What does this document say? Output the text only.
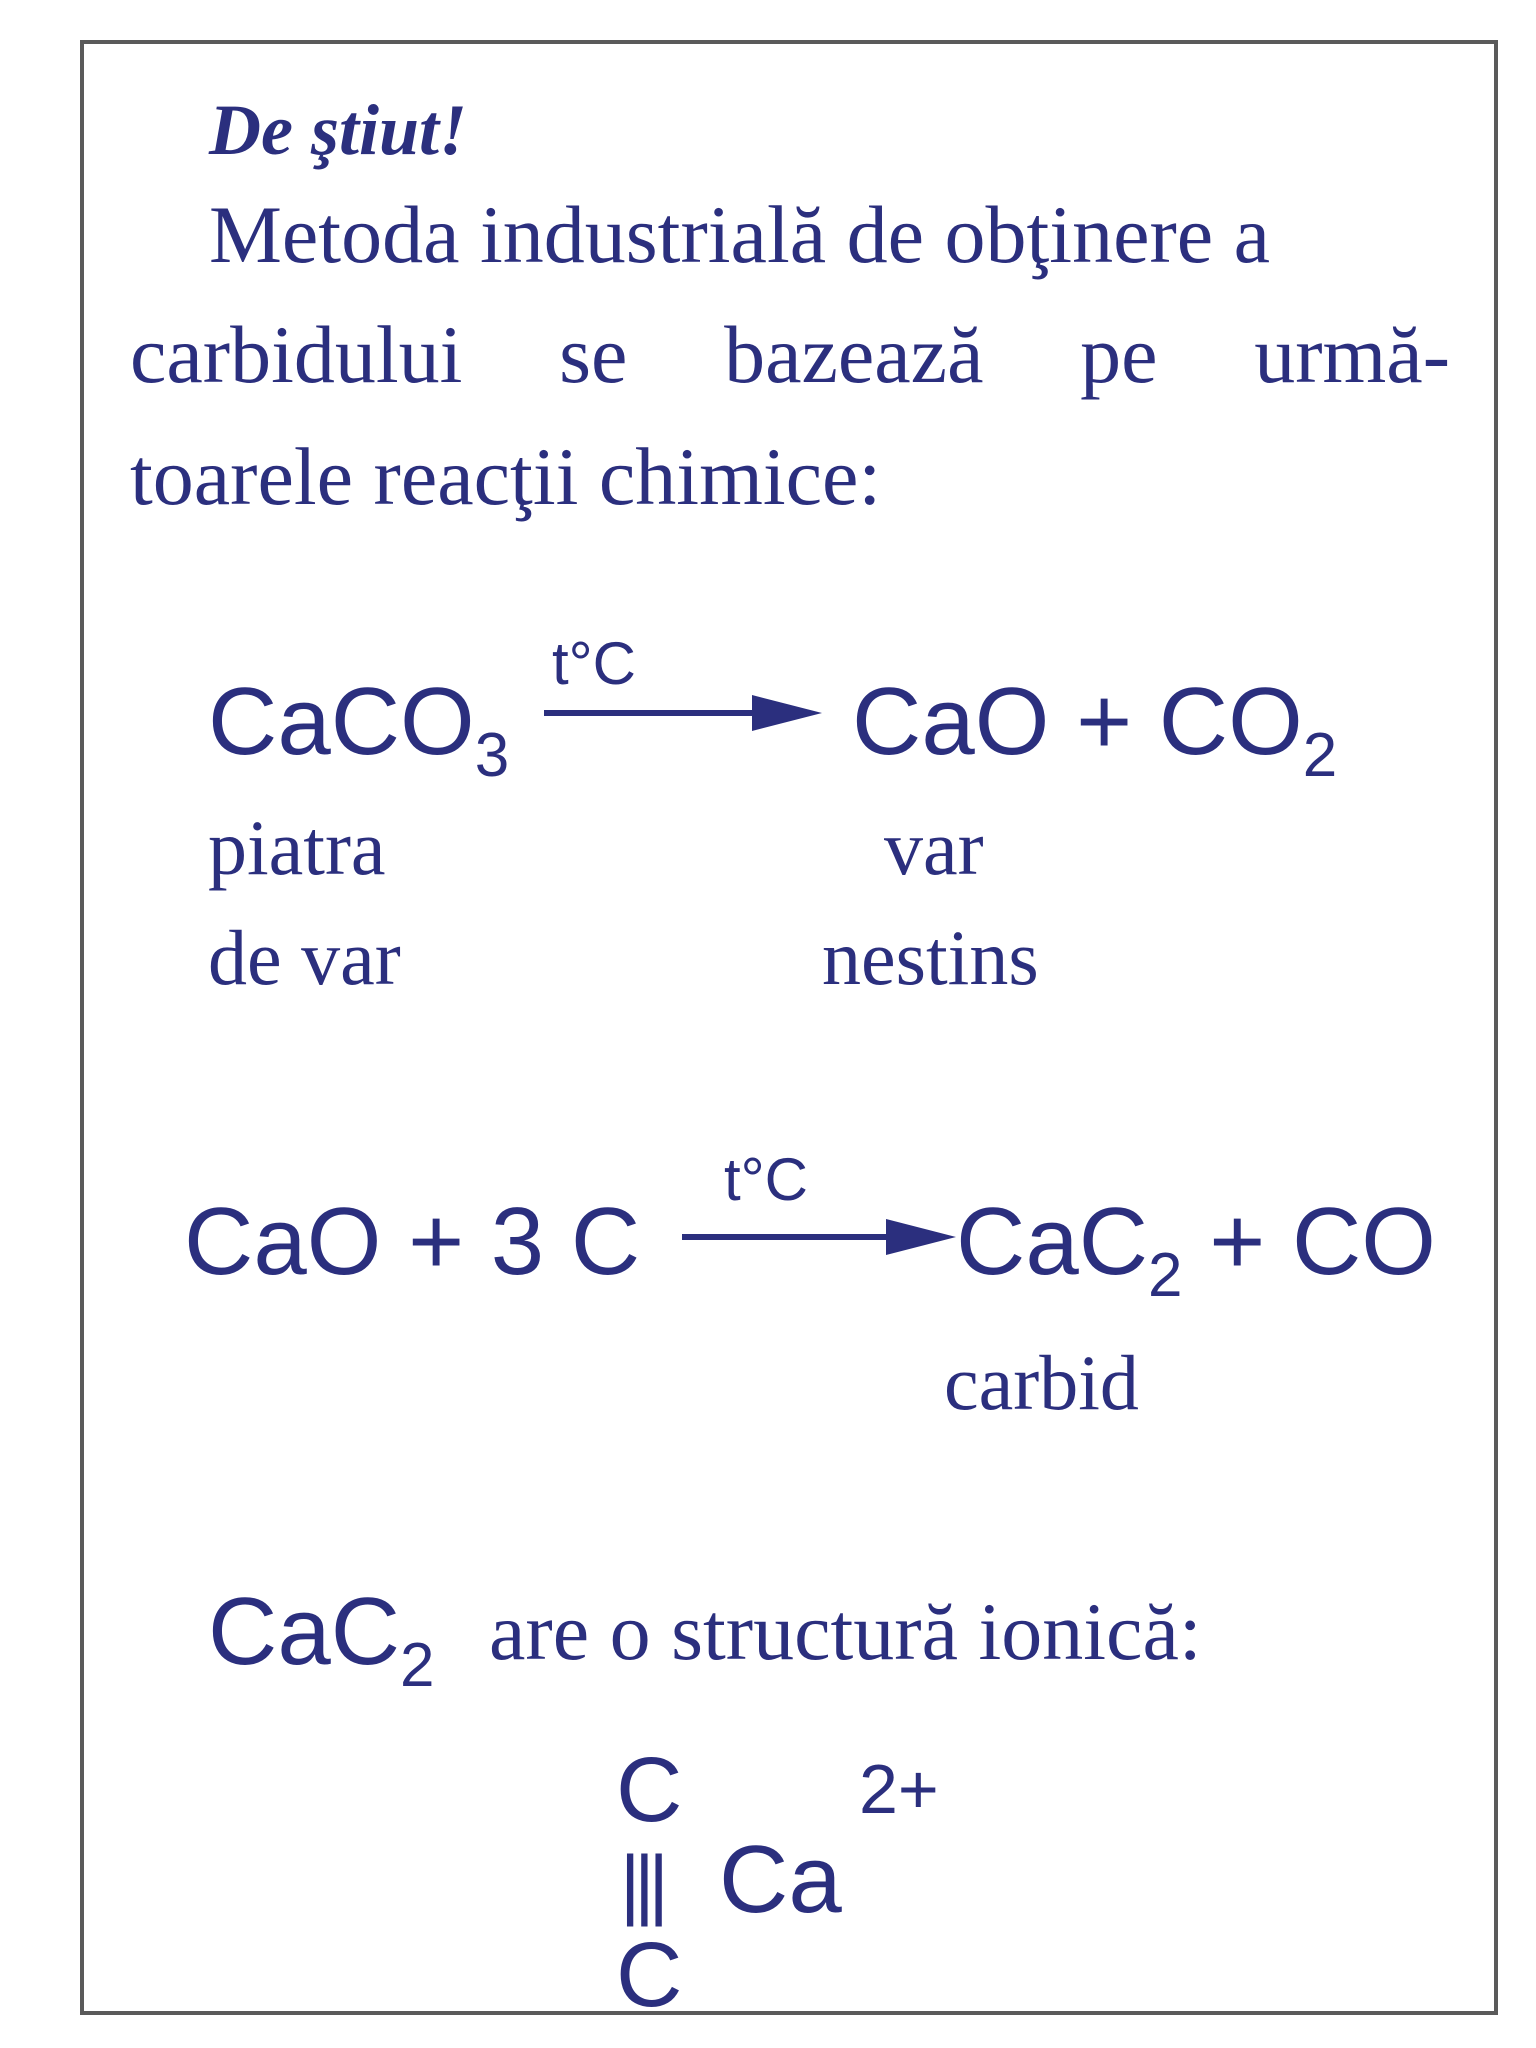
De ştiut!
Metoda industrială de obţinere a
carbidului se bazează pe urmă-
toarele reacţii chimice:
CaCO$_3$
t°C
CaO + $CO_2$
piatra
de var
var
nestins
CaO + 3 C
t°C
CaC$_2$ + CO
carbid
CaC$_2$ are o structură ionică:
C
|||
C
Ca
2+
